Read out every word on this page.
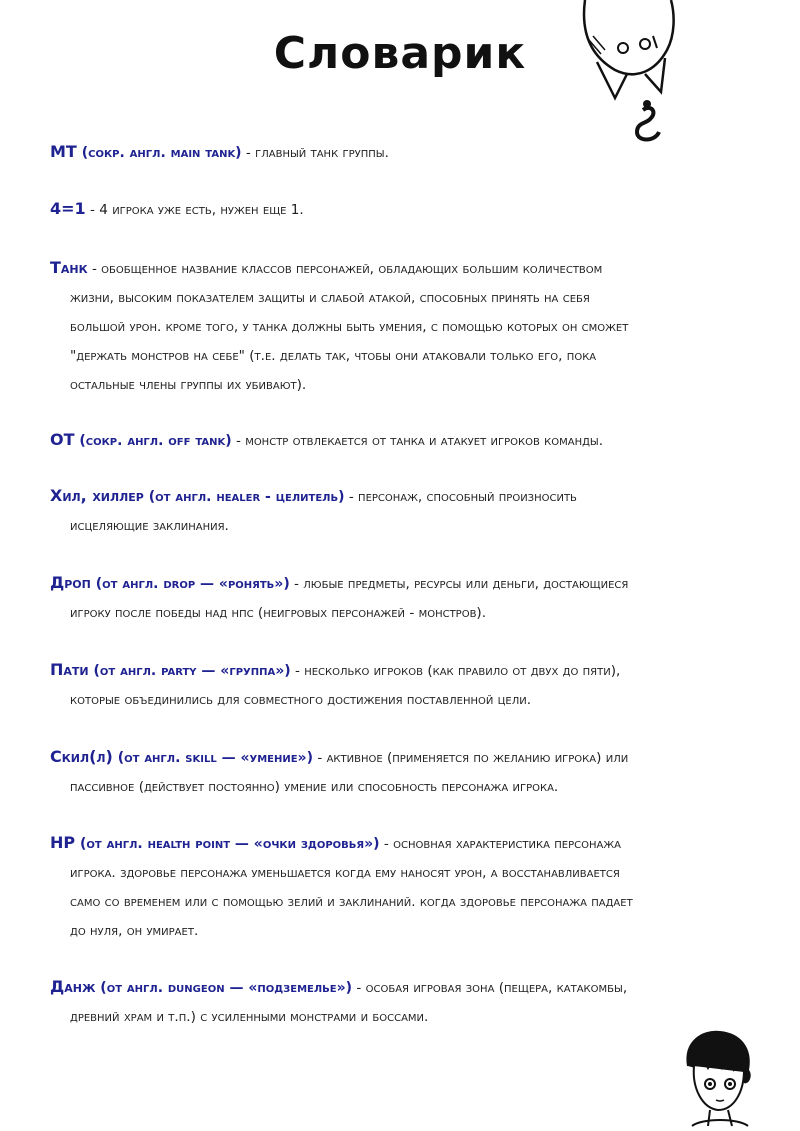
Словарик
МТ (сокр. англ. main tank) - главный танк группы.
4=1 - 4 игрока уже есть, нужен еще 1.
Танк - обобщенное название классов персонажей, обладающих большим количеством
жизни, высоким показателем защиты и слабой атакой, способных принять на себя
большой урон. кроме того, у танка должны быть умения, с помощью которых он сможет
"держать монстров на себе" (т.е. делать так, чтобы они атаковали только его, пока
остальные члены группы их убивают).
ОТ (сокр. англ. off tank) - монстр отвлекается от танка и атакует игроков команды.
Хил, хиллер (от англ. healer - целитель) - персонаж, способный произносить
исцеляющие заклинания.
Дроп (от англ. drop — «ронять») - любые предметы, ресурсы или деньги, достающиеся
игроку после победы над нпс (неигровых персонажей - монстров).
Пати (от англ. party — «группа») - несколько игроков (как правило от двух до пяти),
которые объединились для совместного достижения поставленной цели.
Скил(л) (от англ. skill — «умение») - активное (применяется по желанию игрока) или
пассивное (действует постоянно) умение или способность персонажа игрока.
HP (от англ. health point — «очки здоровья») - основная характеристика персонажа
игрока. здоровье персонажа уменьшается когда ему наносят урон, а восстанавливается
само со временем или с помощью зелий и заклинаний. когда здоровье персонажа падает
до нуля, он умирает.
Данж (от англ. dungeon — «подземелье») - особая игровая зона (пещера, катакомбы,
древний храм и т.п.) с усиленными монстрами и боссами.
